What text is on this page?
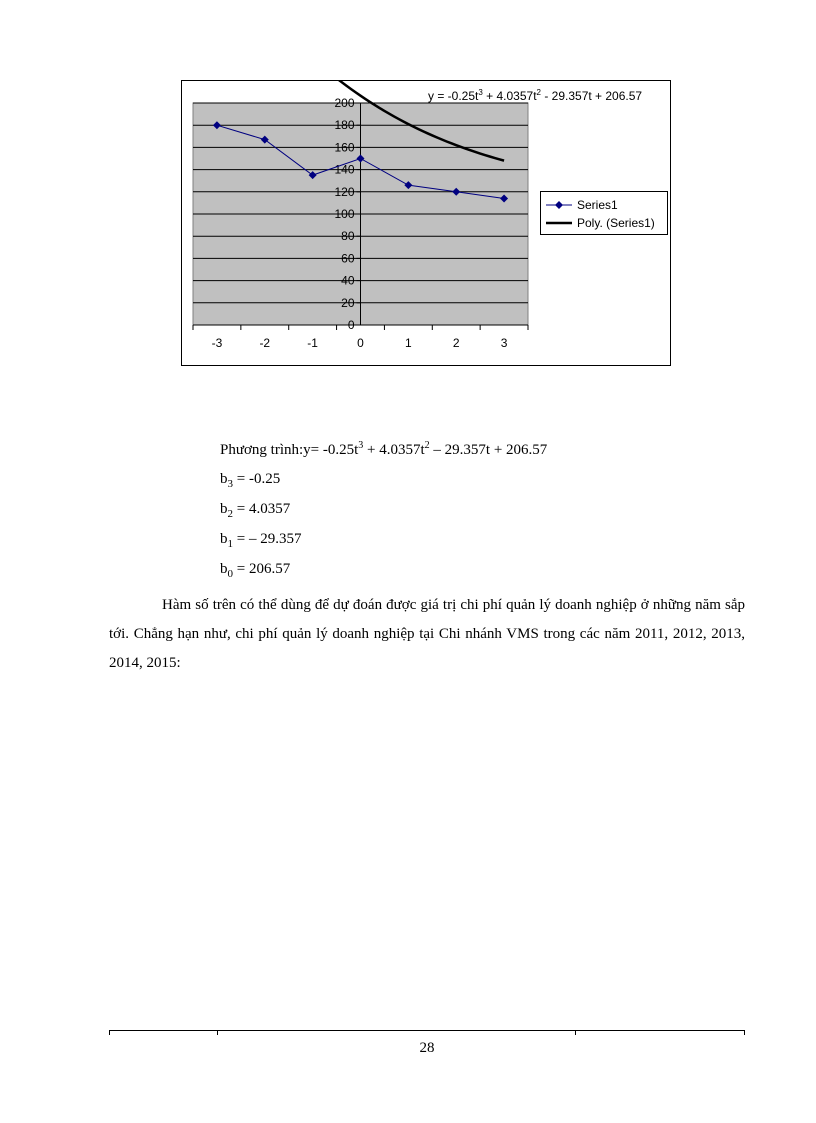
0
20
40
60
80
100
120
140
160
180
200
-3	-2	-1	0	1	2	3
$y = -0.25t^3 + 4.0357t^2 - 29.357t + 206.57$
Series1
Poly. (Series1)
Phương trình:y= $-0.25t^3 + 4.0357t^2 - 29.357t + 206.57$
$b_3 = -0.25$
$b_2 = 4.0357$
$b_1$ = – 29.357
$b_0 = 206.57$
Hàm số trên có thể dùng để dự đoán được giá trị chi phí quản lý doanh nghiệp ở những năm sắp tới. Chẳng hạn như, chi phí quản lý doanh nghiệp tại Chi nhánh VMS trong các năm 2011, 2012, 2013, 2014, 2015:
28
